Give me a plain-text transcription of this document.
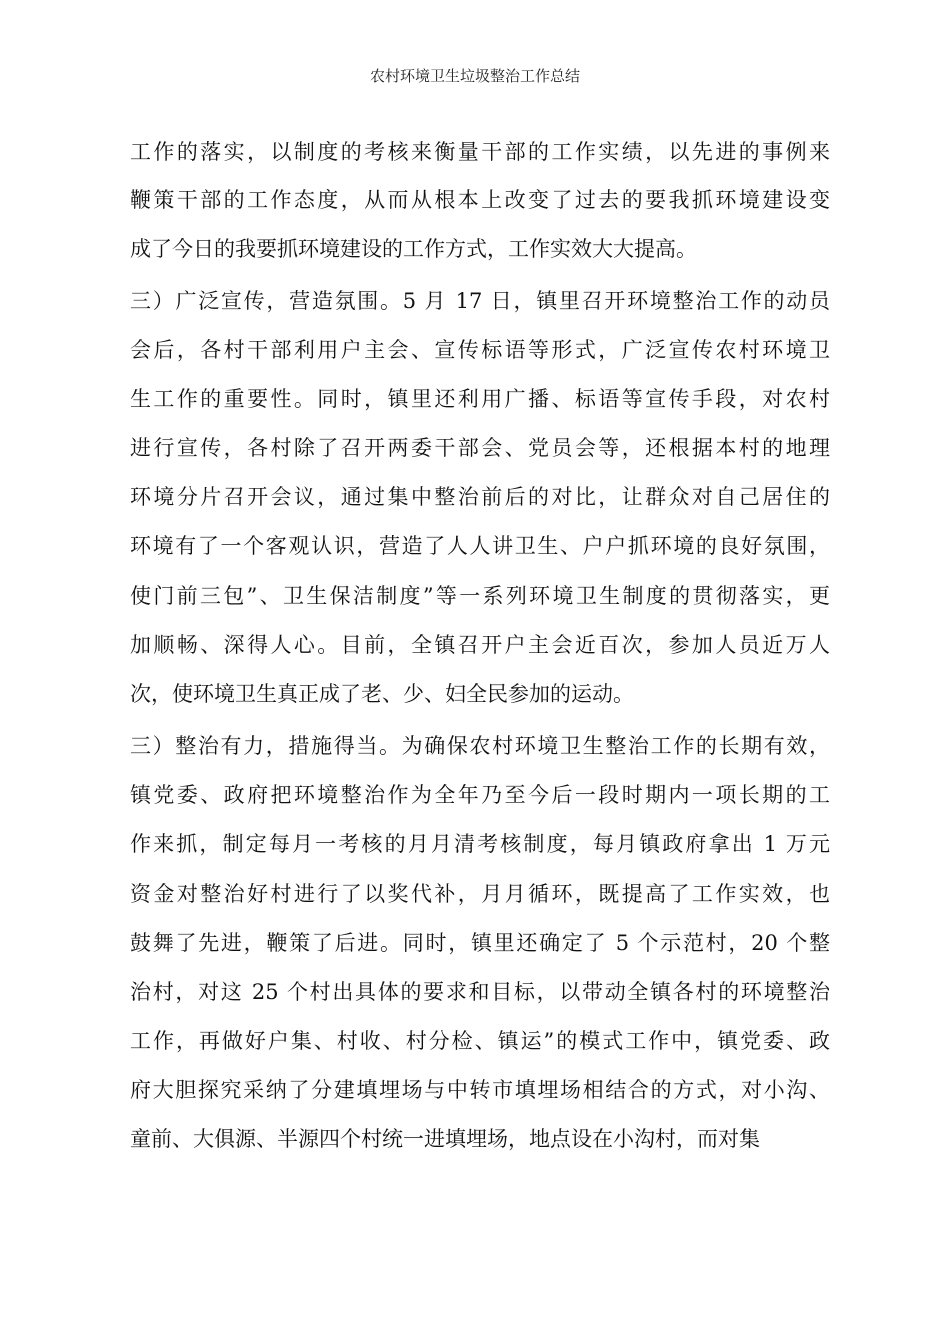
农村环境卫生垃圾整治工作总结
工作的落实，以制度的考核来衡量干部的工作实绩，以先进的事例来
鞭策干部的工作态度，从而从根本上改变了过去的要我抓环境建设变
成了今日的我要抓环境建设的工作方式，工作实效大大提高。
三）广泛宣传，营造氛围。5 月 17 日，镇里召开环境整治工作的动员
会后，各村干部利用户主会、宣传标语等形式，广泛宣传农村环境卫
生工作的重要性。同时，镇里还利用广播、标语等宣传手段，对农村
进行宣传，各村除了召开两委干部会、党员会等，还根据本村的地理
环境分片召开会议，通过集中整治前后的对比，让群众对自己居住的
环境有了一个客观认识，营造了人人讲卫生、户户抓环境的良好氛围，
使门前三包”、卫生保洁制度”等一系列环境卫生制度的贯彻落实，更
加顺畅、深得人心。目前，全镇召开户主会近百次，参加人员近万人
次，使环境卫生真正成了老、少、妇全民参加的运动。
三）整治有力，措施得当。为确保农村环境卫生整治工作的长期有效，
镇党委、政府把环境整治作为全年乃至今后一段时期内一项长期的工
作来抓，制定每月一考核的月月清考核制度，每月镇政府拿出 1 万元
资金对整治好村进行了以奖代补，月月循环，既提高了工作实效，也
鼓舞了先进，鞭策了后进。同时，镇里还确定了 5 个示范村，20 个整
治村，对这 25 个村出具体的要求和目标，以带动全镇各村的环境整治
工作，再做好户集、村收、村分检、镇运”的模式工作中，镇党委、政
府大胆探究采纳了分建填埋场与中转市填埋场相结合的方式，对小沟、
童前、大俱源、半源四个村统一进填埋场，地点设在小沟村，而对集
